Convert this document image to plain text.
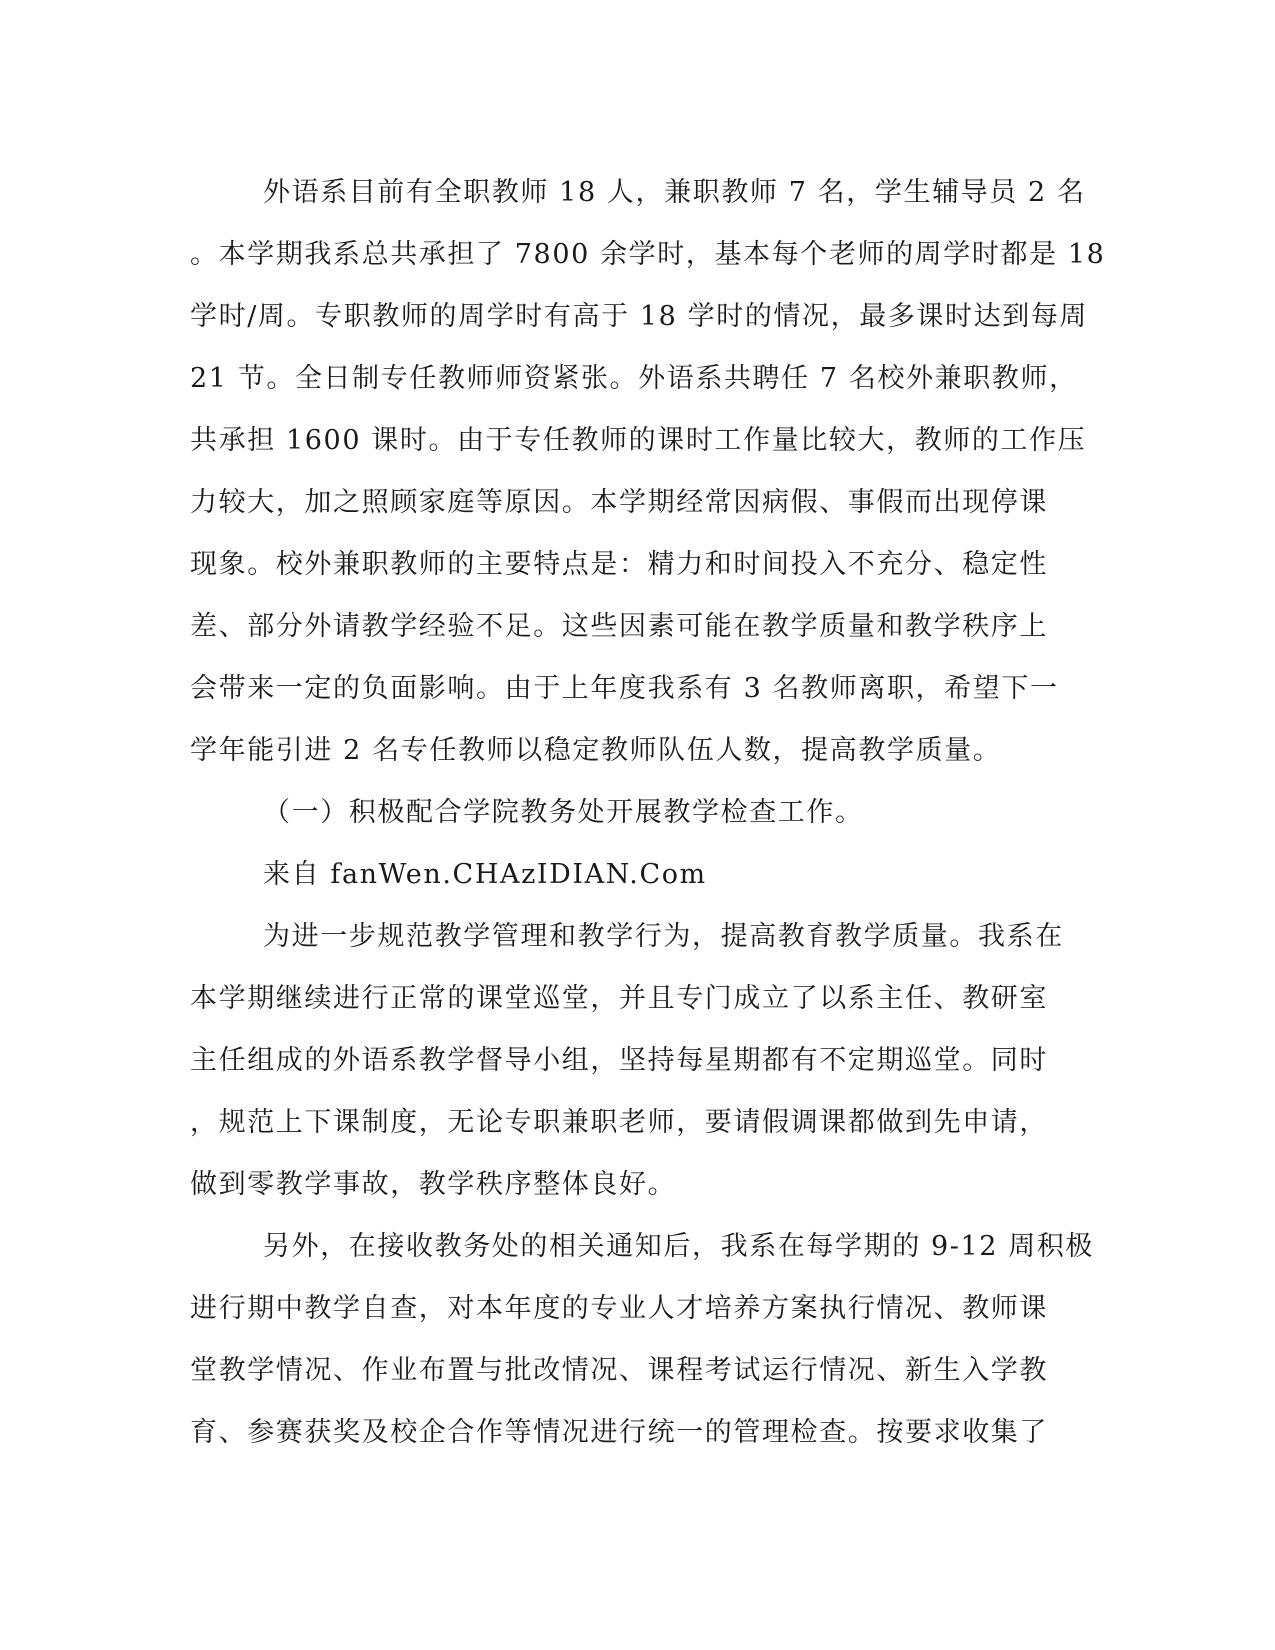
外语系目前有全职教师 18 人，兼职教师 7 名，学生辅导员 2 名
。本学期我系总共承担了 7800 余学时，基本每个老师的周学时都是 18
学时/周。专职教师的周学时有高于 18 学时的情况，最多课时达到每周
21 节。全日制专任教师师资紧张。外语系共聘任 7 名校外兼职教师，
共承担 1600 课时。由于专任教师的课时工作量比较大，教师的工作压
力较大，加之照顾家庭等原因。本学期经常因病假、事假而出现停课
现象。校外兼职教师的主要特点是：精力和时间投入不充分、稳定性
差、部分外请教学经验不足。这些因素可能在教学质量和教学秩序上
会带来一定的负面影响。由于上年度我系有 3 名教师离职，希望下一
学年能引进 2 名专任教师以稳定教师队伍人数，提高教学质量。
（一）积极配合学院教务处开展教学检查工作。
来自 fanWen.CHAzIDIAN.Com
为进一步规范教学管理和教学行为，提高教育教学质量。我系在
本学期继续进行正常的课堂巡堂，并且专门成立了以系主任、教研室
主任组成的外语系教学督导小组，坚持每星期都有不定期巡堂。同时
，规范上下课制度，无论专职兼职老师，要请假调课都做到先申请，
做到零教学事故，教学秩序整体良好。
另外，在接收教务处的相关通知后，我系在每学期的 9-12 周积极
进行期中教学自查，对本年度的专业人才培养方案执行情况、教师课
堂教学情况、作业布置与批改情况、课程考试运行情况、新生入学教
育、参赛获奖及校企合作等情况进行统一的管理检查。按要求收集了
